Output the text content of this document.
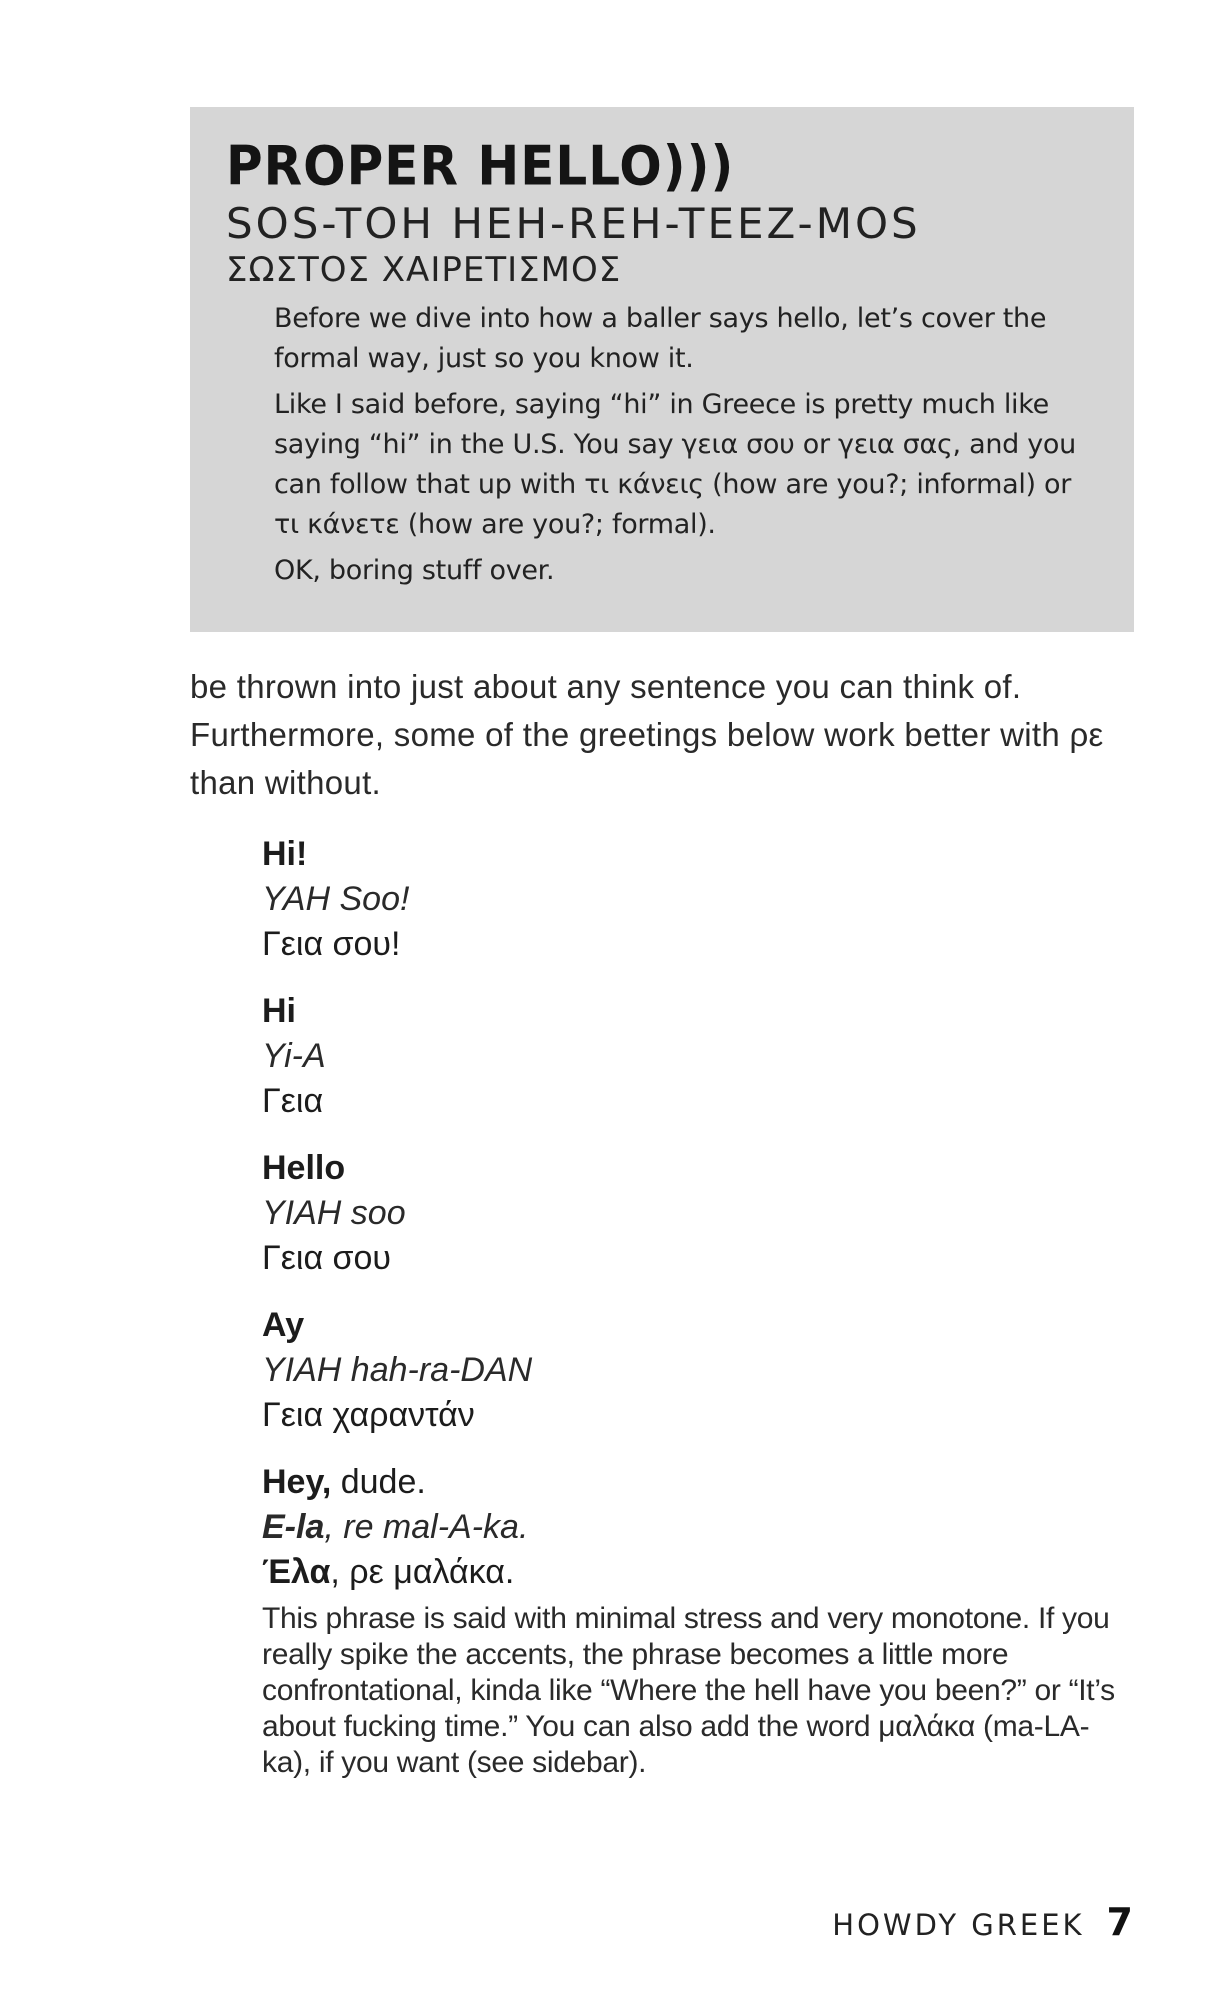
PROPER HELLO)))
SOS-TOH HEH-REH-TEEZ-MOS
ΣΩΣΤΟΣ ΧΑΙΡΕΤΙΣΜΟΣ

Before we dive into how a baller says hello, let’s cover the formal way, just so you know it.

Like I said before, saying “hi” in Greece is pretty much like saying “hi” in the U.S. You say γεια σου or γεια σας, and you can follow that up with τι κάνεις (how are you?; informal) or τι κάνετε (how are you?; formal).

OK, boring stuff over.

be thrown into just about any sentence you can think of. Furthermore, some of the greetings below work better with ρε than without.

Hi!
YAH Soo!
Γεια σου!
Hi
Yi-A
Γεια
Hello
YIAH soo
Γεια σου
Ay
YIAH hah-ra-DAN
Γεια χαραντάν
Hey, dude.
E-la, re mal-A-ka.
Έλα, ρε μαλάκα.
This phrase is said with minimal stress and very monotone. If you really spike the accents, the phrase becomes a little more confrontational, kinda like “Where the hell have you been?” or “It’s about fucking time.” You can also add the word μαλάκα (ma-LA-ka), if you want (see sidebar).
HOWDY GREEK 7
